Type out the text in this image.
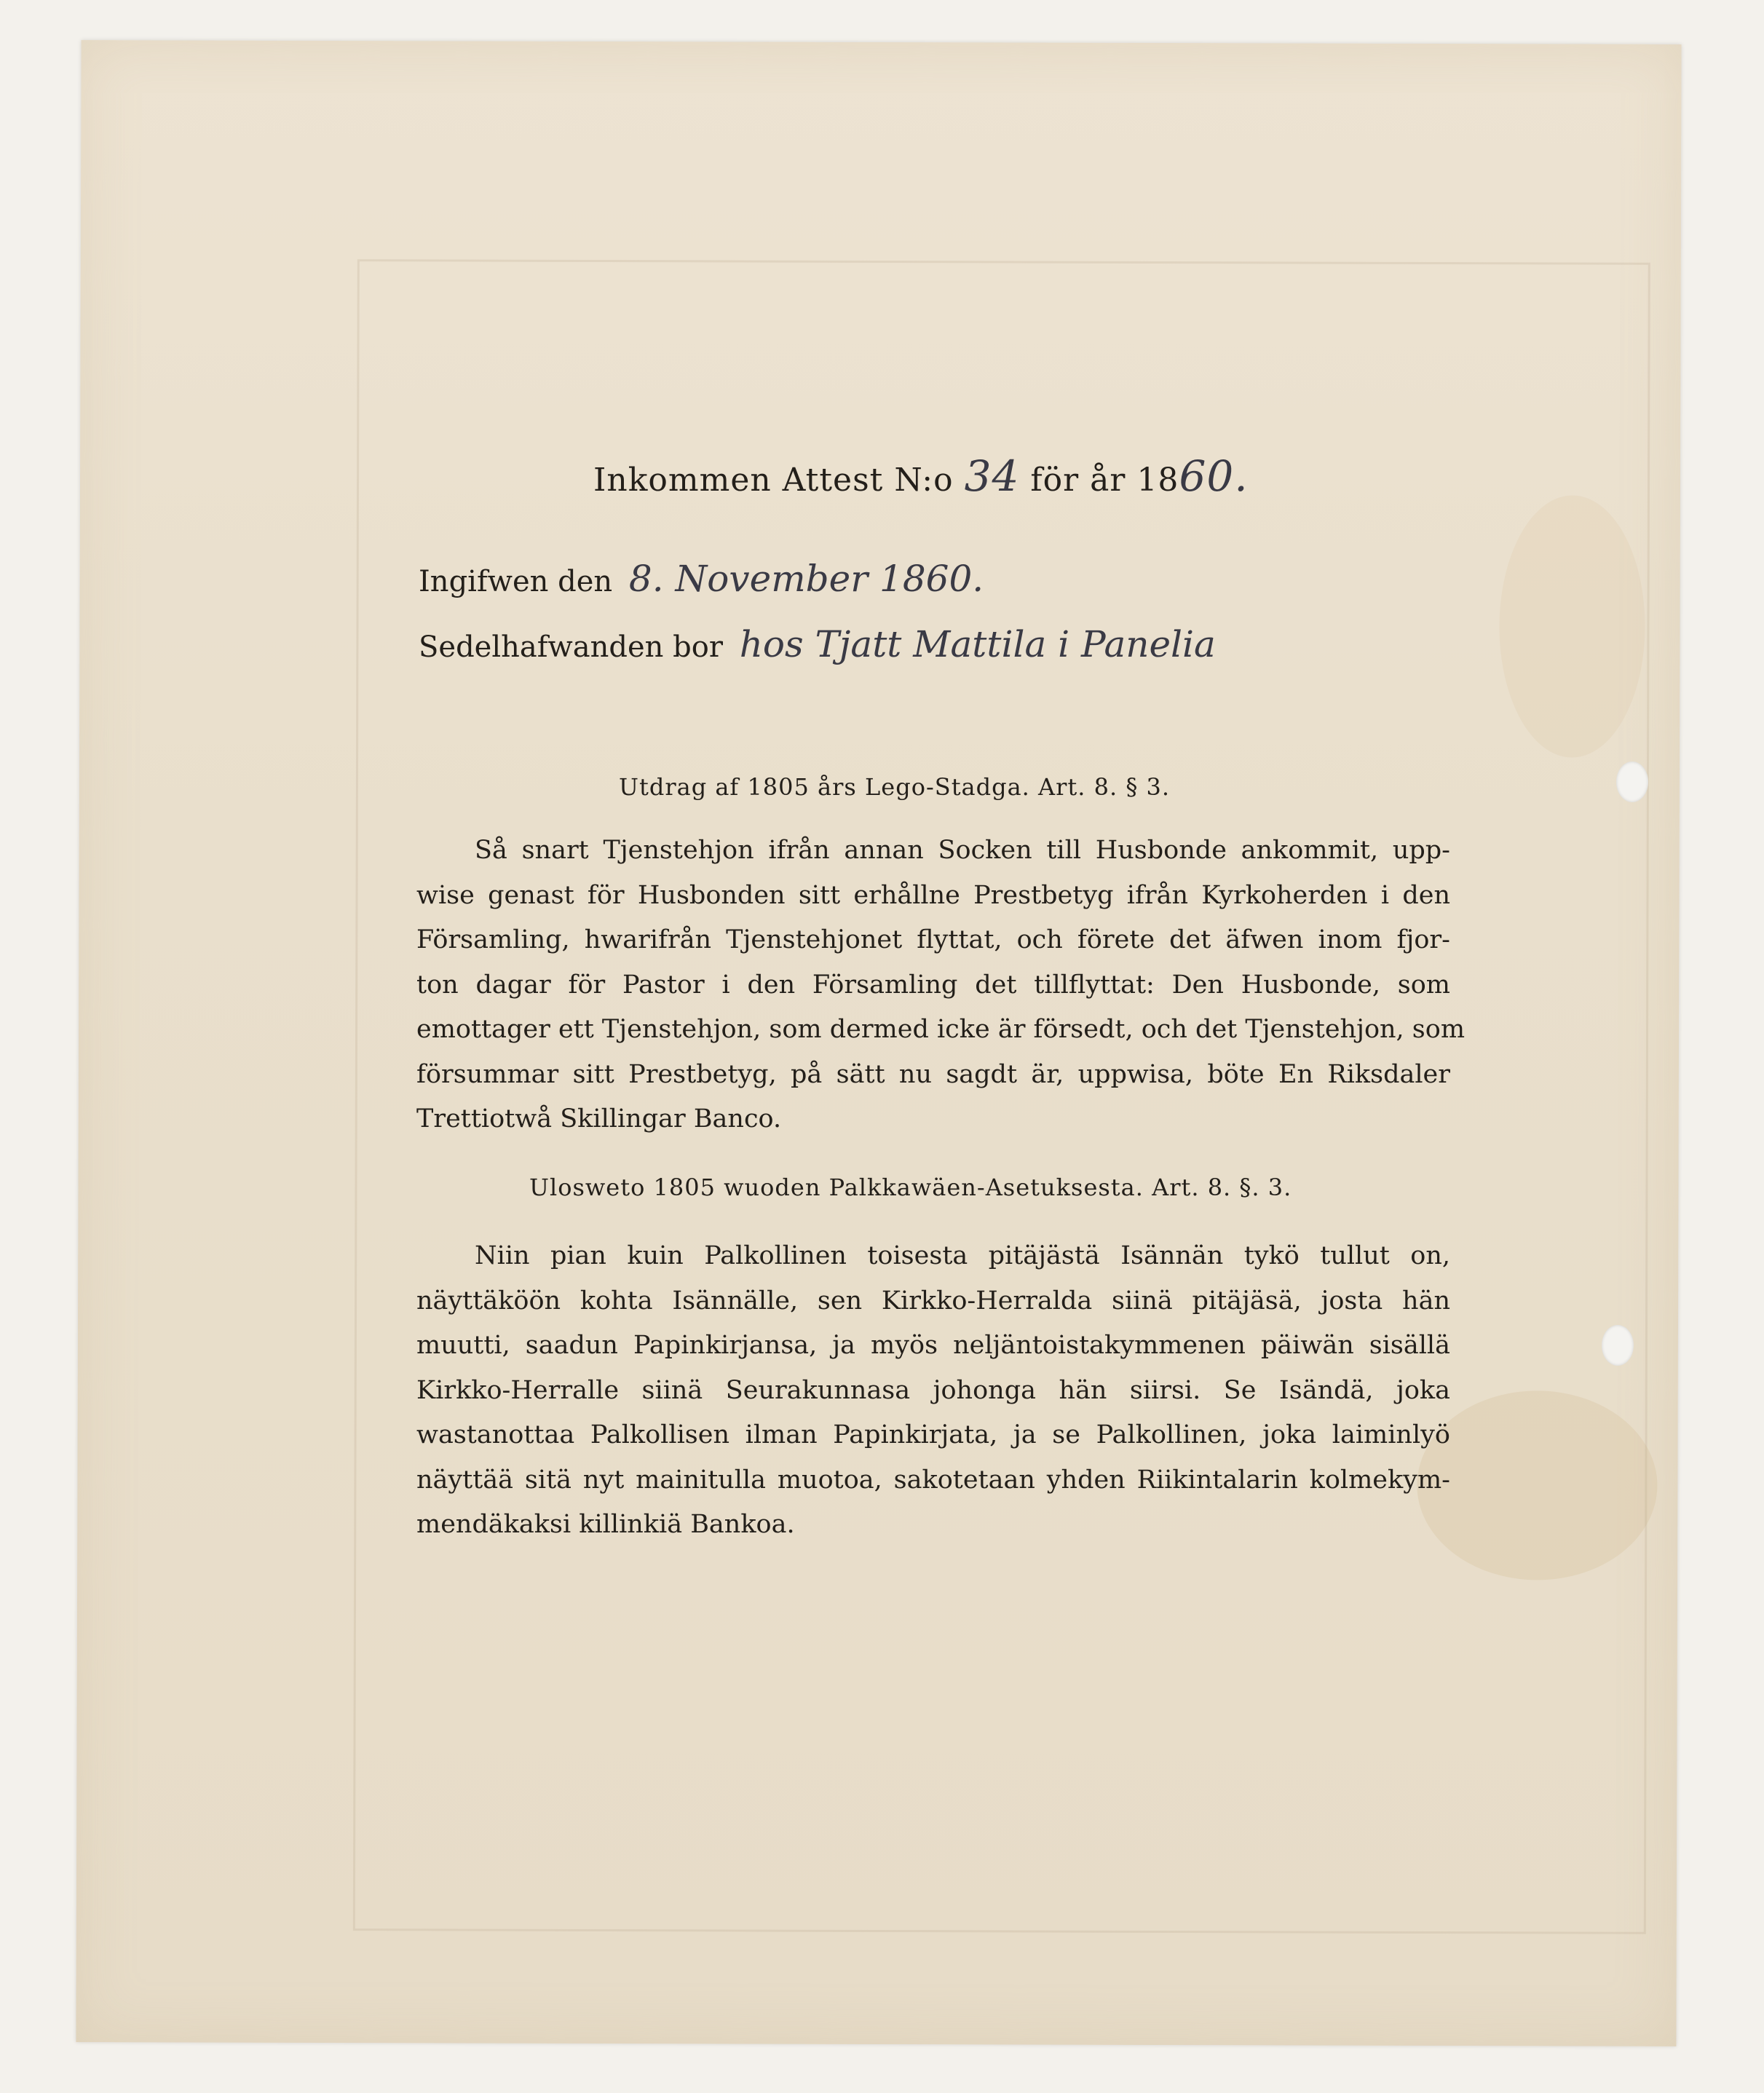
Inkommen Attest N:o 34 för år 1860.
Ingifwen den 8. November 1860.
Sedelhafwanden bor hos Tjatt Mattila i Panelia
Utdrag af 1805 års Lego-Stadga. Art. 8. § 3.
Så snart Tjenstehjon ifrån annan Socken till Husbonde ankommit, upp-
wise genast för Husbonden sitt erhållne Prestbetyg ifrån Kyrkoherden i den
Församling, hwarifrån Tjenstehjonet flyttat, och förete det äfwen inom fjor-
ton dagar för Pastor i den Församling det tillflyttat: Den Husbonde, som
emottager ett Tjenstehjon, som dermed icke är försedt, och det Tjenstehjon, som
försummar sitt Prestbetyg, på sätt nu sagdt är, uppwisa, böte En Riksdaler
Trettiotwå Skillingar Banco.
Ulosweto 1805 wuoden Palkkawäen-Asetuksesta. Art. 8. §. 3.
Niin pian kuin Palkollinen toisesta pitäjästä Isännän tykö tullut on,
näyttäköön kohta Isännälle, sen Kirkko-Herralda siinä pitäjäsä, josta hän
muutti, saadun Papinkirjansa, ja myös neljäntoistakymmenen päiwän sisällä
Kirkko-Herralle siinä Seurakunnasa johonga hän siirsi. Se Isändä, joka
wastanottaa Palkollisen ilman Papinkirjata, ja se Palkollinen, joka laiminlyö
näyttää sitä nyt mainitulla muotoa, sakotetaan yhden Riikintalarin kolmekym-
mendäkaksi killinkiä Bankoa.
